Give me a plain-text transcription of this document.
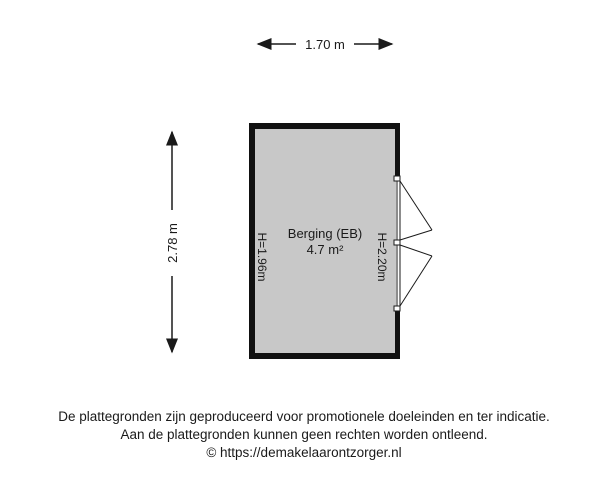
1.70 m
2.78 m	Berging (EB)
4.7 m²
H=1.96m	H=2.20m
De plattegronden zijn geproduceerd voor promotionele doeleinden en ter indicatie.
Aan de plattegronden kunnen geen rechten worden ontleend.
© https://demakelaarontzorger.nl
